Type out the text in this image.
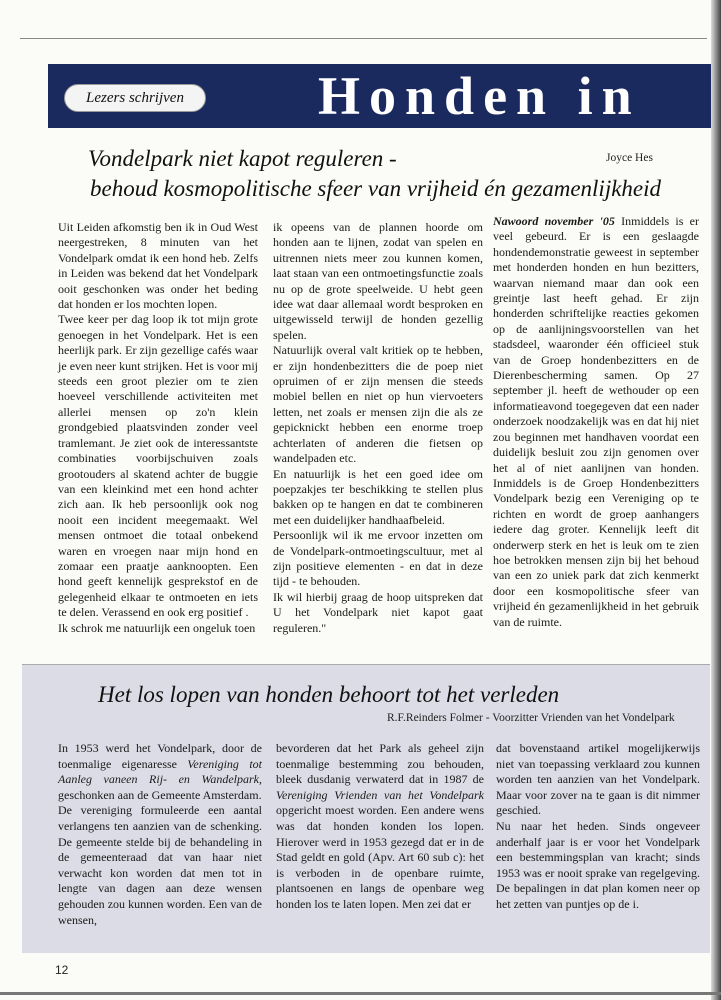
Lezers schrijven	Honden in
Vondelpark niet kapot reguleren -	Joyce Hes
behoud kosmopolitische sfeer van vrijheid én gezamenlijkheid

Uit Leiden afkomstig ben ik in Oud West neergestreken, 8 minuten van het Vondelpark omdat ik een hond heb. Zelfs in Leiden was bekend dat het Vondelpark ooit geschonken was onder het beding dat honden er los mochten lopen.

Twee keer per dag loop ik tot mijn grote genoegen in het Vondelpark. Het is een heerlijk park. Er zijn gezellige cafés waar je even neer kunt strijken. Het is voor mij steeds een groot plezier om te zien hoeveel verschillende activiteiten met allerlei mensen op zo'n klein grondgebied plaatsvinden zonder veel tramlemant. Je ziet ook de interessantste combinaties voorbijschuiven zoals grootouders al skatend achter de buggie van een kleinkind met een hond achter zich aan. Ik heb persoonlijk ook nog nooit een incident meegemaakt. Wel mensen ontmoet die totaal onbekend waren en vroegen naar mijn hond en zomaar een praatje aanknoopten. Een hond geeft kennelijk gesprekstof en de gelegenheid elkaar te ontmoeten en iets te delen. Verassend en ook erg positief .

Ik schrok me natuurlijk een ongeluk toen

ik opeens van de plannen hoorde om honden aan te lijnen, zodat van spelen en uitrennen niets meer zou kunnen komen, laat staan van een ontmoetingsfunctie zoals nu op de grote speelweide. U hebt geen idee wat daar allemaal wordt besproken en uitgewisseld terwijl de honden gezellig spelen.

Natuurlijk overal valt kritiek op te hebben, er zijn hondenbezitters die de poep niet opruimen of er zijn mensen die steeds mobiel bellen en niet op hun viervoeters letten, net zoals er mensen zijn die als ze gepicknickt hebben een enorme troep achterlaten of anderen die fietsen op wandelpaden etc.

En natuurlijk is het een goed idee om poepzakjes ter beschikking te stellen plus bakken op te hangen en dat te combineren met een duidelijker handhaafbeleid.

Persoonlijk wil ik me ervoor inzetten om de Vondelpark-ontmoetingscultuur, met al zijn positieve elementen - en dat in deze tijd - te behouden.

Ik wil hierbij graag de hoop uitspreken dat U het Vondelpark niet kapot gaat reguleren."

Nawoord november '05 Inmiddels is er veel gebeurd. Er is een geslaagde hondendemonstratie geweest in september met honderden honden en hun bezitters, waarvan niemand maar dan ook een greintje last heeft gehad. Er zijn honderden schriftelijke reacties gekomen op de aanlijningsvoorstellen van het stadsdeel, waaronder één officieel stuk van de Groep hondenbezitters en de Dierenbescherming samen. Op 27 september jl. heeft de wethouder op een informatieavond toegegeven dat een nader onderzoek noodzakelijk was en dat hij niet zou beginnen met handhaven voordat een duidelijk besluit zou zijn genomen over het al of niet aanlijnen van honden. Inmiddels is de Groep Hondenbezitters Vondelpark bezig een Vereniging op te richten en wordt de groep aanhangers iedere dag groter. Kennelijk leeft dit onderwerp sterk en het is leuk om te zien hoe betrokken mensen zijn bij het behoud van een zo uniek park dat zich kenmerkt door een kosmopolitische sfeer van vrijheid én gezamenlijkheid in het gebruik van de ruimte.

Het los lopen van honden behoort tot het verleden
R.F.Reinders Folmer - Voorzitter Vrienden van het Vondelpark

In 1953 werd het Vondelpark, door de toenmalige eigenaresse Vereniging tot Aanleg vaneen Rij- en Wandelpark, geschonken aan de Gemeente Amsterdam.

De vereniging formuleerde een aantal verlangens ten aanzien van de schenking. De gemeente stelde bij de behandeling in de gemeenteraad dat van haar niet verwacht kon worden dat men tot in lengte van dagen aan deze wensen gehouden zou kunnen worden. Een van de wensen,

bevorderen dat het Park als geheel zijn toenmalige bestemming zou behouden, bleek dusdanig verwaterd dat in 1987 de Vereniging Vrienden van het Vondelpark opgericht moest worden. Een andere wens was dat honden konden los lopen. Hierover werd in 1953 gezegd dat er in de Stad geldt en gold (Apv. Art 60 sub c): het is verboden in de openbare ruimte, plantsoenen en langs de openbare weg honden los te laten lopen. Men zei dat er

dat bovenstaand artikel mogelijkerwijs niet van toepassing verklaard zou kunnen worden ten aanzien van het Vondelpark. Maar voor zover na te gaan is dit nimmer geschied.

Nu naar het heden. Sinds ongeveer anderhalf jaar is er voor het Vondelpark een bestemmingsplan van kracht; sinds 1953 was er nooit sprake van regelgeving. De bepalingen in dat plan komen neer op het zetten van puntjes op de i.

12
